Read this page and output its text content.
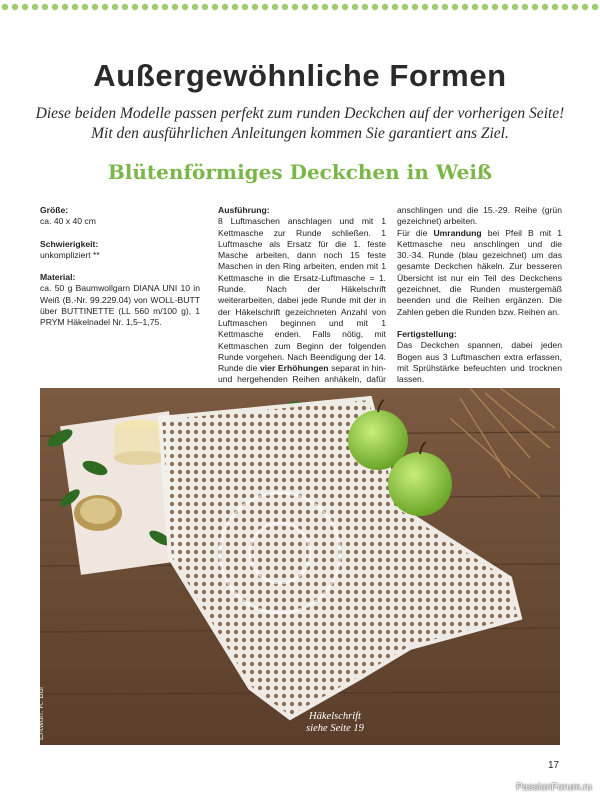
Außergewöhnliche Formen
Diese beiden Modelle passen perfekt zum runden Deckchen auf der vorherigen Seite!
Mit den ausführlichen Anleitungen kommen Sie garantiert ans Ziel.
Blütenförmiges Deckchen in Weiß
Größe:

ca. 40 x 40 cm

Schwierigkeit:

unkompliziert **

Material:

ca. 50 g Baumwollgarn DIANA UNI 10 in Weiß (B.-Nr. 99.229.04) von WOLL-BUTT über BUTTINETTE (LL 560 m/100 g), 1 PRYM Häkelnadel Nr. 1,5–1,75.

Ausführung:

8 Luftmaschen anschlagen und mit 1 Kettmasche zur Runde schließen. 1 Luftmasche als Ersatz für die 1. feste Masche arbeiten, dann noch 15 feste Maschen in den Ring arbeiten, enden mit 1 Kettmasche in die Ersatz-Luftmasche = 1. Runde. Nach der Häkelschrift weiterarbeiten, dabei jede Runde mit der in der Häkelschrift gezeichneten Anzahl von Luftmaschen beginnen und mit 1 Kettmasche enden. Falls nötig, mit Kettmaschen zum Beginn der folgenden Runde vorgehen. Nach Beendigung der 14. Runde die vier Erhöhungen separat in hin- und hergehenden Reihen anhäkeln, dafür

anschlingen und die 15.-29. Reihe (grün gezeichnet) arbeiten.

Für die Umrandung bei Pfeil B mit 1 Kettmasche neu anschlingen und die 30.-34. Runde (blau gezeichnet) um das gesamte Deckchen häkeln. Zur besseren Übersicht ist nur ein Teil des Deckchens gezeichnet, die Runden mustergemäß beenden und die Reihen ergänzen. Die Zahlen geben die Runden bzw. Reihen an.

Fertigstellung:

Das Deckchen spannen, dabei jeden Bogen aus 3 Luftmaschen extra erfassen, mit Sprühstärke befeuchten und trocknen lassen.

Entwurf: K. Bül	Häkelschrift
siehe Seite 19
17
PassionForum.ru
